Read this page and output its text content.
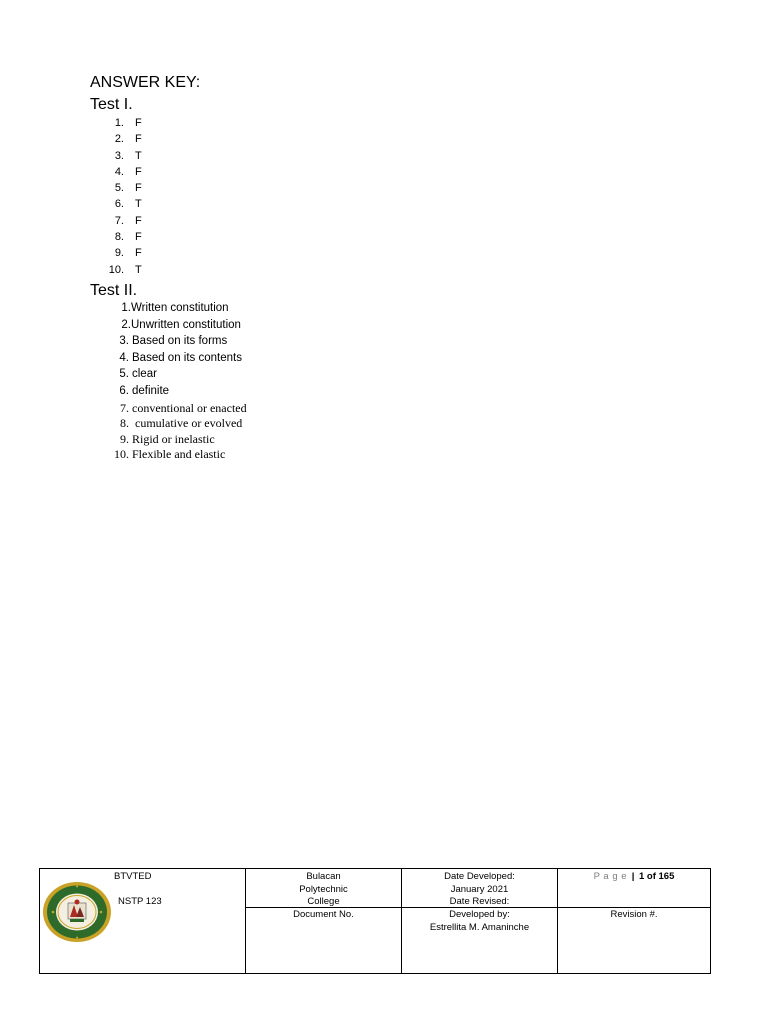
ANSWER KEY:
Test I.
1. F
2. F
3. T
4. F
5. F
6. T
7. F
8. F
9. F
10. T
Test II.
1. Written constitution
2. Unwritten constitution
3. Based on its forms
4. Based on its contents
5. clear
6. definite
7. conventional or enacted
8. cumulative or evolved
9. Rigid or inelastic
10. Flexible and elastic
BTVTED
NSTP 123
Bulacan
Polytechnic
College
Date Developed:
January 2021
Date Revised:
P a g e | 1 of 165
Document No.	Developed by:
Estrellita M. Amaninche
Revision #.
